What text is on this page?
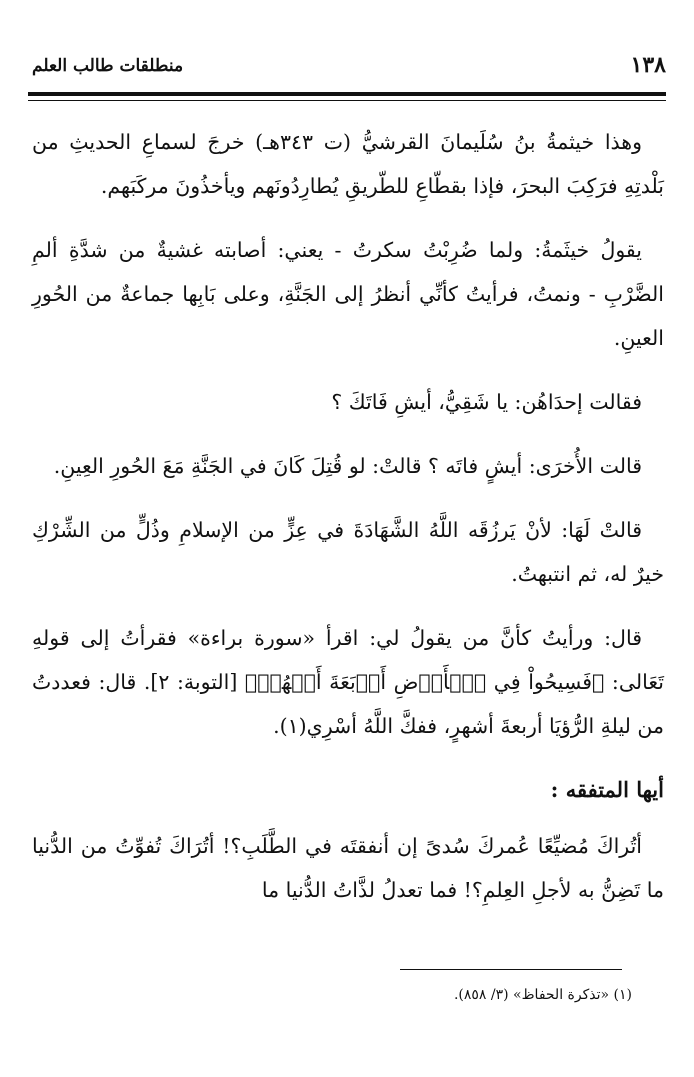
١٣٨
منطلقات طالب العلم

وهذا خيثمةُ بنُ سُلَيمانَ القرشيُّ (ت ٣٤٣هـ) خرجَ لسماعِ الحديثِ من بَلْدتِهِ فرَكِبَ البحرَ، فإذا بقطّاعِ للطّريقِ يُطارِدُونَهم ويأخذُونَ مركَبَهم.

يقولُ خيثَمةُ: ولما ضُرِبْتُ سكرتُ - يعني: أصابته غشيةٌ من شدَّةِ ألمِ الضَّرْبِ - ونمتُ، فرأيتُ كأنِّي أنظرُ إلى الجَنَّةِ، وعلى بَابِها جماعةٌ من الحُورِ العينِ.

فقالت إحدَاهُن: يا شَقِيُّ، أيشِ فَاتَكَ ؟

قالت الأُخرَى: أيشٍ فاتَه ؟ قالتْ: لو قُتِلَ كَانَ في الجَنَّةِ مَعَ الحُورِ العِينِ.

قالتْ لَهَا: لأنْ يَرزُقَه اللَّهُ الشَّهَادَةَ في عِزٍّ من الإسلامِ وذُلٍّ من الشِّرْكِ خيرٌ له، ثم انتبهتُ.

قال: ورأيتُ كأنَّ من يقولُ لي: اقرأ «سورة براءة» فقرأتُ إلى قولهِ تَعَالى: ﴿فَسِيحُواْ فِي ٱلۡأَرۡضِ أَرۡبَعَةَ أَشۡهُرٖ﴾ [التوبة: ٢]. قال: فعددتُ من ليلةِ الرُّؤيَا أربعةَ أشهرٍ، ففكَّ اللَّهُ أسْرِي(١).

أيها المتفقه :

أتُراكَ مُضيِّعًا عُمركَ سُدىً إن أنفقتَه في الطَّلَبِ؟! أتُرَاكَ تُفوِّتُ من الدُّنيا ما تَضِنُّ به لأجلِ العِلمِ؟! فما تعدلُ لذَّاتُ الدُّنيا ما

(١) «تذكرة الحفاظ» (٣/ ٨٥٨).
